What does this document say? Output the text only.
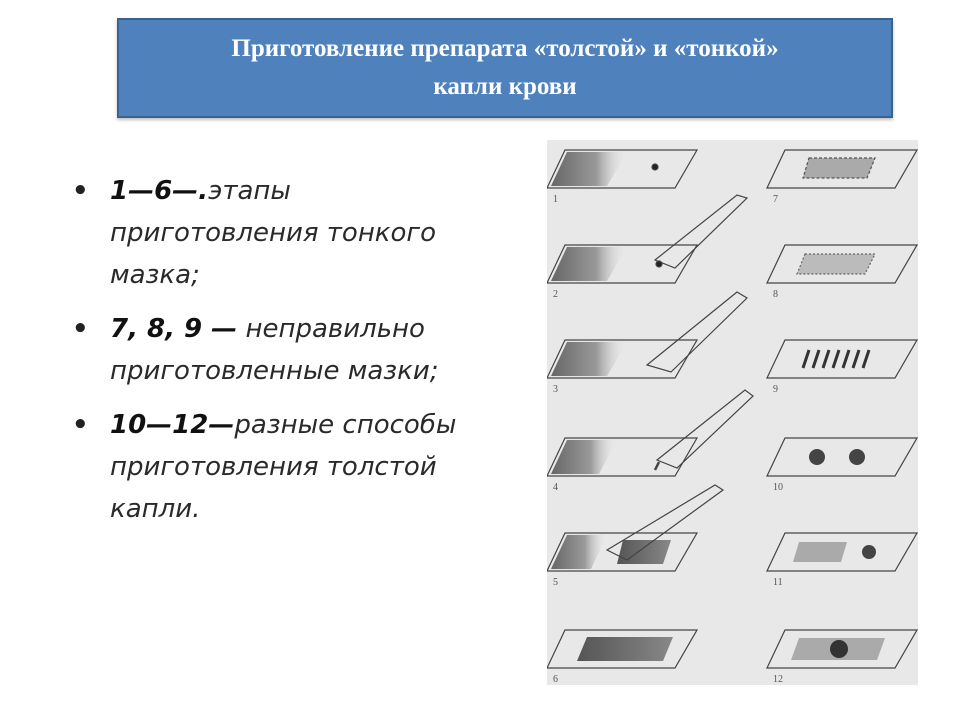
Приготовление препарата «толстой» и «тонкой»
капли крови
• 1—6—.этапы приготовления тонкого мазка;
• 7, 8, 9 — неправильно приготовленные мазки;
• 10—12—разные способы приготовления толстой капли.
1
2
3
4
5
6
7
8
9
10
11
12
